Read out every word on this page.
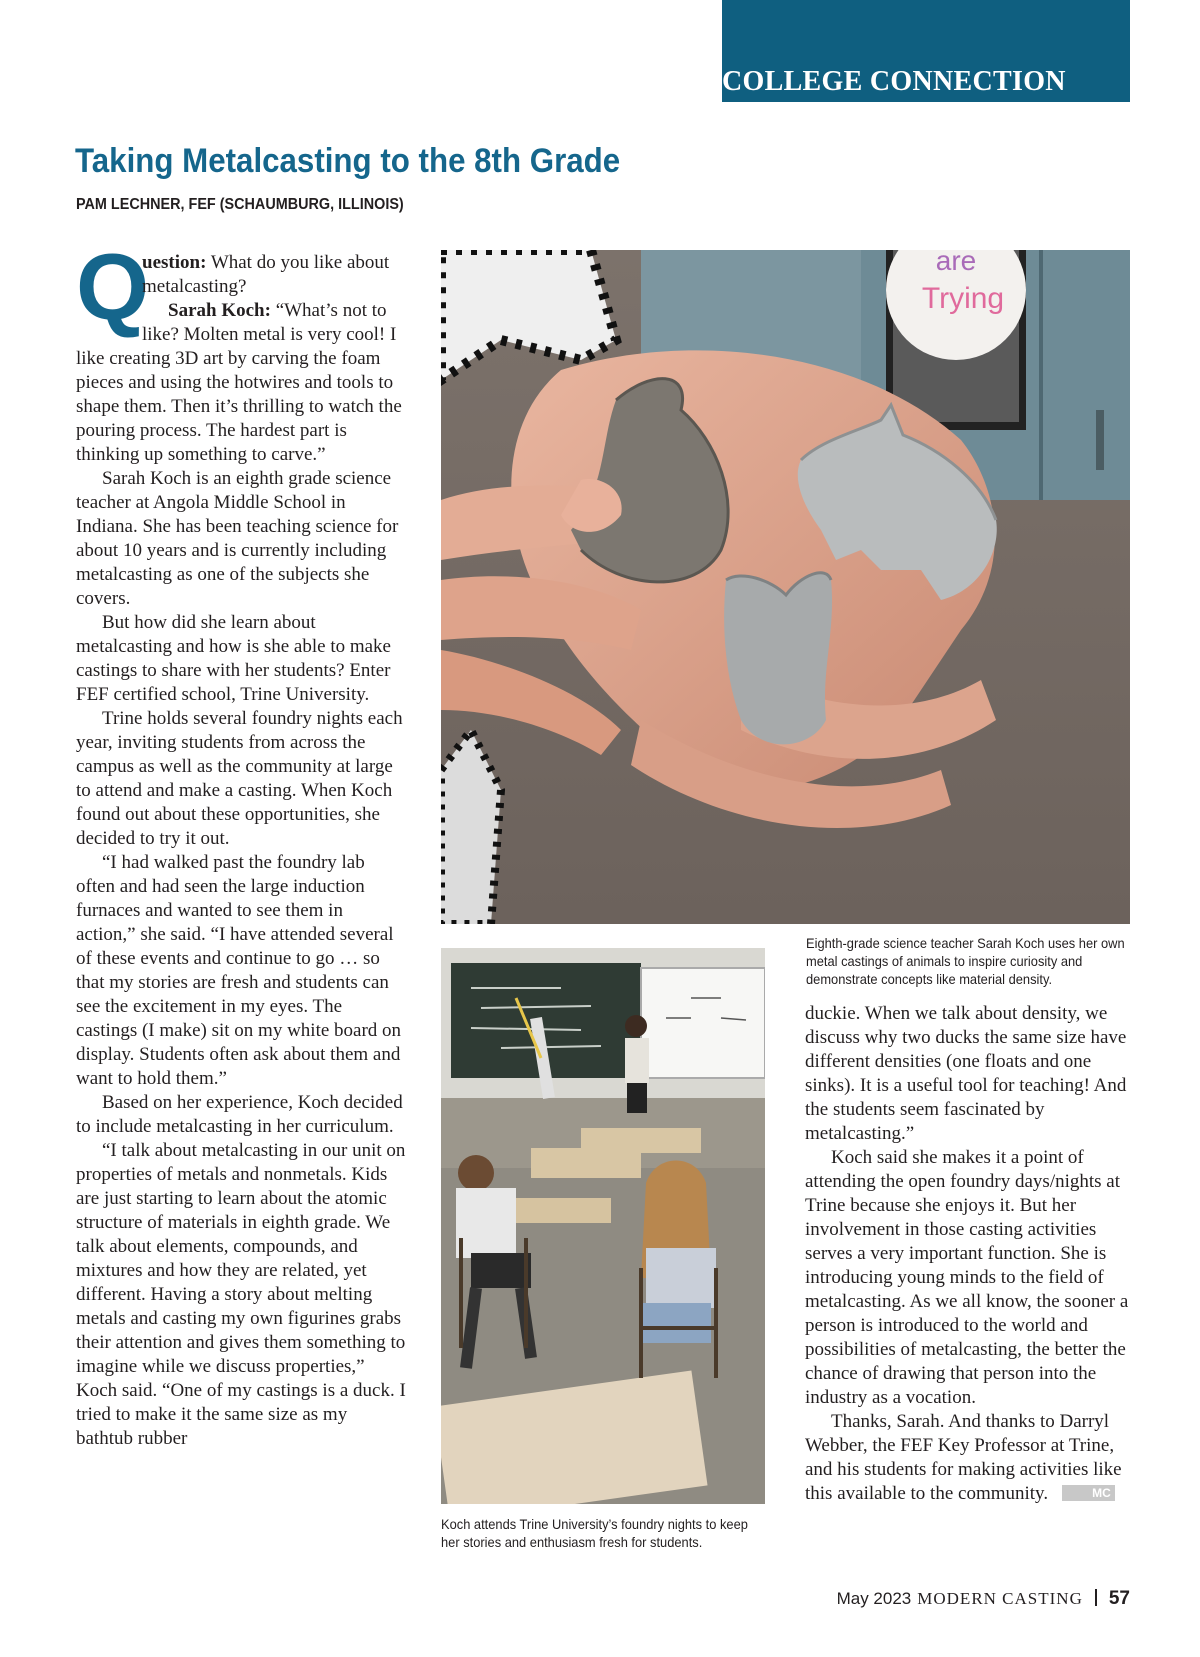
COLLEGE CONNECTION
Taking Metalcasting to the 8th Grade
PAM LECHNER, FEF (SCHAUMBURG, ILLINOIS)
Q

uestion: What do you like about metalcasting?

Sarah Koch: “What’s not to like? Molten metal is very cool! I like creating 3D art by carving the foam pieces and using the hotwires and tools to shape them. Then it’s thrilling to watch the pouring process. The hardest part is thinking up something to carve.”

Sarah Koch is an eighth grade science teacher at Angola Middle School in Indiana. She has been teaching science for about 10 years and is currently including metalcasting as one of the subjects she covers.

But how did she learn about metalcasting and how is she able to make castings to share with her students? Enter FEF certified school, Trine University.

Trine holds several foundry nights each year, inviting students from across the campus as well as the community at large to attend and make a casting. When Koch found out about these opportunities, she decided to try it out.

“I had walked past the foundry lab often and had seen the large induction furnaces and wanted to see them in action,” she said. “I have attended several of these events and continue to go … so that my stories are fresh and students can see the excitement in my eyes. The castings (I make) sit on my white board on display. Students often ask about them and want to hold them.”

Based on her experience, Koch decided to include metalcasting in her curriculum.

“I talk about metalcasting in our unit on properties of metals and nonmetals. Kids are just starting to learn about the atomic structure of materials in eighth grade. We talk about elements, compounds, and mixtures and how they are related, yet different. Having a story about melting metals and casting my own figurines grabs their attention and gives them something to imagine while we discuss properties,” Koch said. “One of my castings is a duck. I tried to make it the same size as my bathtub rubber

are
Trying
Eighth-grade science teacher Sarah Koch uses her own metal castings of animals to inspire curiosity and demonstrate concepts like material density.
Koch attends Trine University’s foundry nights to keep her stories and enthusiasm fresh for students.

duckie. When we talk about density, we discuss why two ducks the same size have different densities (one floats and one sinks). It is a useful tool for teaching! And the students seem fascinated by metalcasting.”

Koch said she makes it a point of attending the open foundry days/nights at Trine because she enjoys it. But her involvement in those casting activities serves a very important function. She is introducing young minds to the field of metalcasting. As we all know, the sooner a person is introduced to the world and possibilities of metalcasting, the better the chance of drawing that person into the industry as a vocation.

Thanks, Sarah. And thanks to Darryl Webber, the FEF Key Professor at Trine, and his students for making activities like this available to the community.	MC

May 2023 MODERN CASTING 57
